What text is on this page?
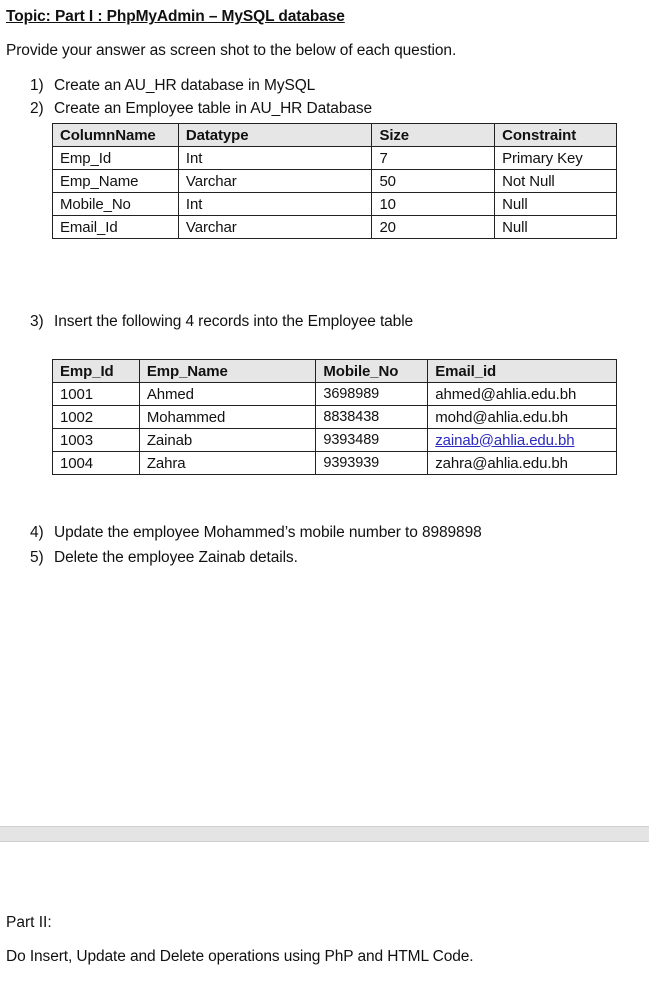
Topic: Part I : PhpMyAdmin – MySQL database
Provide your answer as screen shot to the below of each question.
1) Create an AU_HR database in MySQL
2) Create an Employee table in AU_HR Database
ColumnName	Datatype	Size	Constraint
Emp_Id	Int	7	Primary Key
Emp_Name	Varchar	50	Not Null
Mobile_No	Int	10	Null
Email_Id	Varchar	20	Null
3) Insert the following 4 records into the Employee table
Emp_Id	Emp_Name	Mobile_No	Email_id
1001	Ahmed	3698989	ahmed@ahlia.edu.bh
1002	Mohammed	8838438	mohd@ahlia.edu.bh
1003	Zainab	9393489	zainab@ahlia.edu.bh
1004	Zahra	9393939	zahra@ahlia.edu.bh
4) Update the employee Mohammed’s mobile number to 8989898
5) Delete the employee Zainab details.
Part II:
Do Insert, Update and Delete operations using PhP and HTML Code.
